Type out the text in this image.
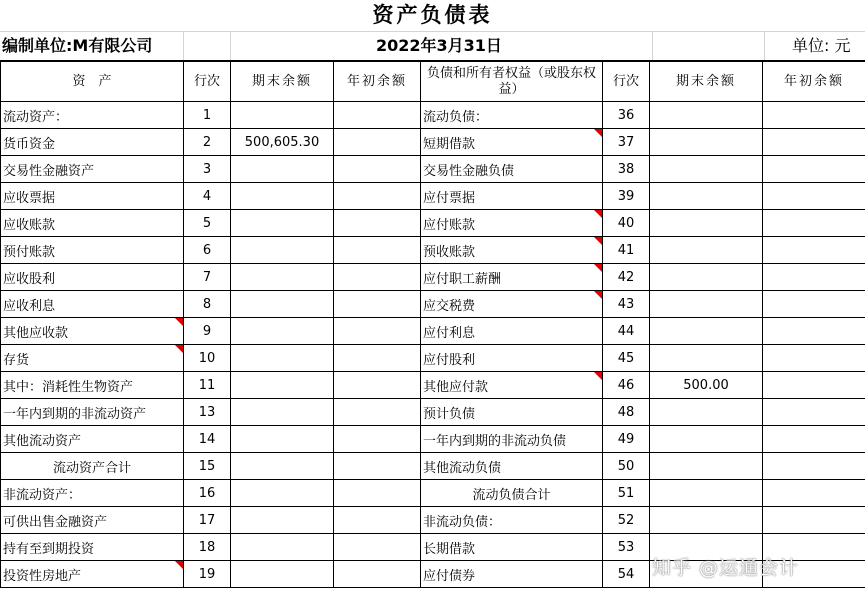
资产负债表
编制单位:M有限公司	2022年3月31日	单位: 元
资　产	行次	期末余额	年初余额	负债和所有者权益（或股东权益）	行次	期末余额	年初余额
流动资产：	1			流动负债：	36		
货币资金	2	500,605.30		短期借款	37		
交易性金融资产	3			交易性金融负债	38		
应收票据	4			应付票据	39		
应收账款	5			应付账款	40		
预付账款	6			预收账款	41		
应收股利	7			应付职工薪酬	42		
应收利息	8			应交税费	43		
其他应收款	9			应付利息	44		
存货	10			应付股利	45		
其中：消耗性生物资产	11			其他应付款	46	500.00	
一年内到期的非流动资产	13			预计负债	48		
其他流动资产	14			一年内到期的非流动负债	49		
流动资产合计	15			其他流动负债	50		
非流动资产：	16			流动负债合计	51		
可供出售金融资产	17			非流动负债：	52		
持有至到期投资	18			长期借款	53		
投资性房地产	19			应付债券	54		知乎 @运通会计
